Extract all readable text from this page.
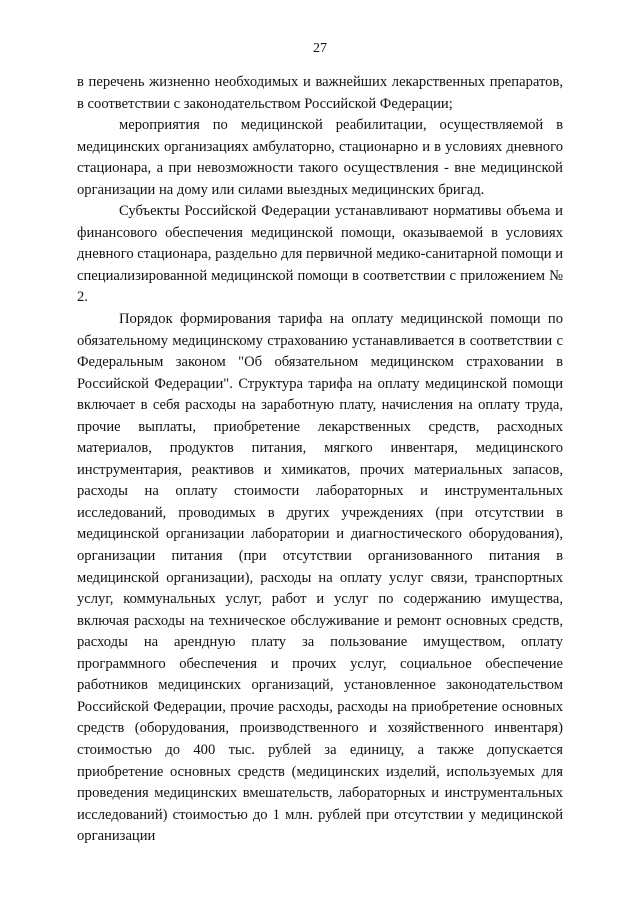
27

в перечень жизненно необходимых и важнейших лекарственных препаратов, в соответствии с законодательством Российской Федерации;

мероприятия по медицинской реабилитации, осуществляемой в медицинских организациях амбулаторно, стационарно и в условиях дневного стационара, а при невозможности такого осуществления - вне медицинской организации на дому или силами выездных медицинских бригад.

Субъекты Российской Федерации устанавливают нормативы объема и финансового обеспечения медицинской помощи, оказываемой в условиях дневного стационара, раздельно для первичной медико-санитарной помощи и специализированной медицинской помощи в соответствии с приложением № 2.

Порядок формирования тарифа на оплату медицинской помощи по обязательному медицинскому страхованию устанавливается в соответствии с Федеральным законом "Об обязательном медицинском страховании в Российской Федерации". Структура тарифа на оплату медицинской помощи включает в себя расходы на заработную плату, начисления на оплату труда, прочие выплаты, приобретение лекарственных средств, расходных материалов, продуктов питания, мягкого инвентаря, медицинского инструментария, реактивов и химикатов, прочих материальных запасов, расходы на оплату стоимости лабораторных и инструментальных исследований, проводимых в других учреждениях (при отсутствии в медицинской организации лаборатории и диагностического оборудования), организации питания (при отсутствии организованного питания в медицинской организации), расходы на оплату услуг связи, транспортных услуг, коммунальных услуг, работ и услуг по содержанию имущества, включая расходы на техническое обслуживание и ремонт основных средств, расходы на арендную плату за пользование имуществом, оплату программного обеспечения и прочих услуг, социальное обеспечение работников медицинских организаций, установленное законодательством Российской Федерации, прочие расходы, расходы на приобретение основных средств (оборудования, производственного и хозяйственного инвентаря) стоимостью до 400 тыс. рублей за единицу, а также допускается приобретение основных средств (медицинских изделий, используемых для проведения медицинских вмешательств, лабораторных и инструментальных исследований) стоимостью до 1 млн. рублей при отсутствии у медицинской организации
